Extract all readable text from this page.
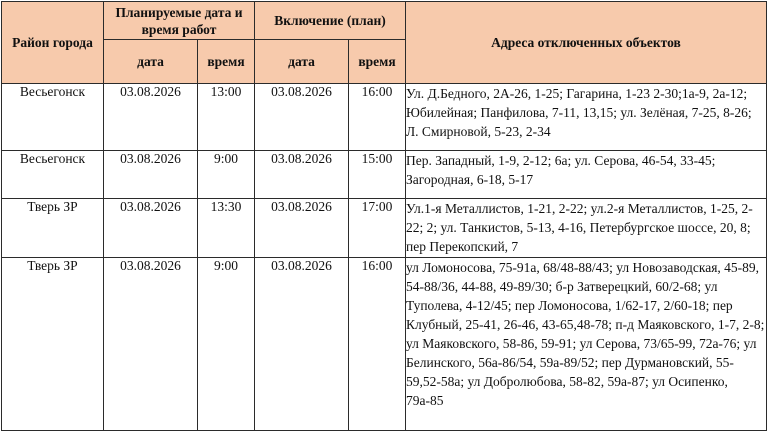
Район города	Планируемые дата и время работ		Включение (план)		Адреса отключенных объектов
	дата	время	дата	время	
Весьегонск	03.08.2026	13:00	03.08.2026	16:00	Ул. Д.Бедного, 2А-26, 1-25; Гагарина, 1-23 2-30;1а-9, 2а-12; Юбилейная; Панфилова, 7-11, 13,15; ул. Зелёная, 7-25, 8-26; Л. Смирновой, 5-23, 2-34
Весьегонск	03.08.2026	9:00	03.08.2026	15:00	Пер. Западный, 1-9, 2-12; 6а; ул. Серова, 46-54, 33-45; Загородная, 6-18, 5-17
Тверь ЗР	03.08.2026	13:30	03.08.2026	17:00	Ул.1-я Металлистов, 1-21, 2-22; ул.2-я Металлистов, 1-25, 2-22; 2; ул. Танкистов, 5-13, 4-16, Петербургское шоссе, 20, 8; пер Перекопский, 7
Тверь ЗР	03.08.2026	9:00	03.08.2026	16:00	ул Ломоносова, 75-91а, 68/48-88/43; ул Новозаводская, 45-89, 54-88/36, 44-88, 49-89/30; б-р Затверецкий, 60/2-68; ул Туполева, 4-12/45; пер Ломоносова, 1/62-17, 2/60-18; пер Клубный, 25-41, 26-46, 43-65,48-78; п-д Маяковского, 1-7, 2-8; ул Маяковского, 58-86, 59-91; ул Серова, 73/65-99, 72а-76; ул Белинского, 56а-86/54, 59а-89/52; пер Дурмановский, 55-59,52-58а; ул Добролюбова, 58-82, 59а-87; ул Осипенко, 79а-85
